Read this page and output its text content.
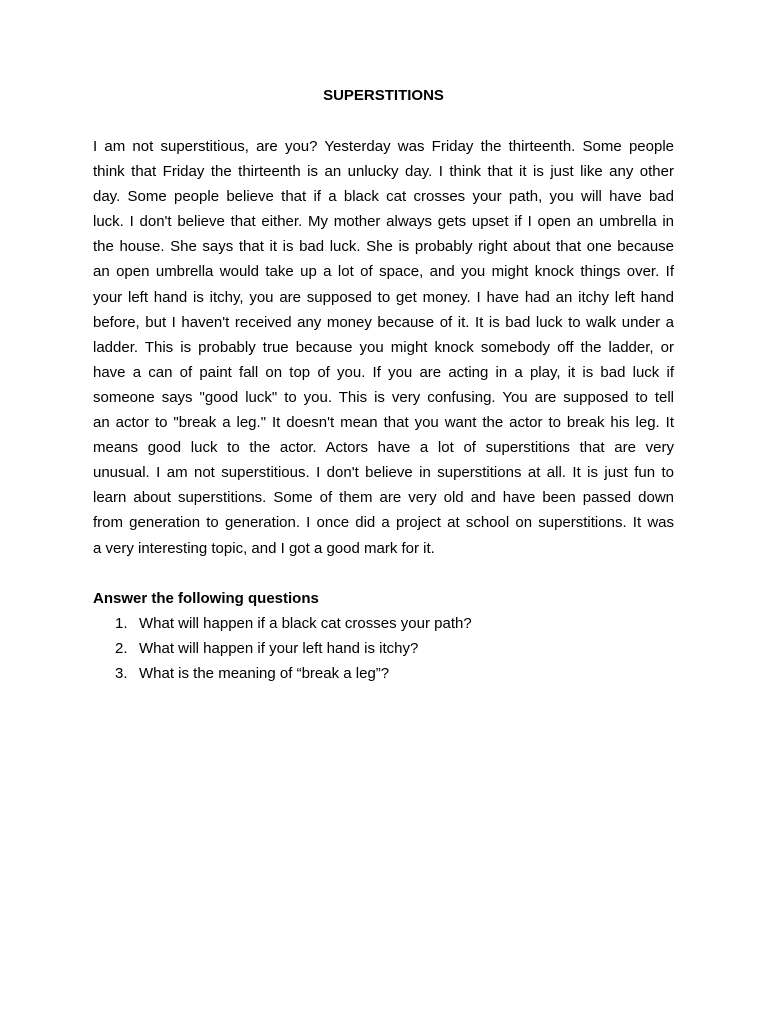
SUPERSTITIONS
I am not superstitious, are you? Yesterday was Friday the thirteenth. Some people
think that Friday the thirteenth is an unlucky day. I think that it is just like any other
day. Some people believe that if a black cat crosses your path, you will have bad
luck. I don't believe that either. My mother always gets upset if I open an umbrella in
the house. She says that it is bad luck. She is probably right about that one because
an open umbrella would take up a lot of space, and you might knock things over. If
your left hand is itchy, you are supposed to get money. I have had an itchy left hand
before, but I haven't received any money because of it. It is bad luck to walk under a
ladder. This is probably true because you might knock somebody off the ladder, or
have a can of paint fall on top of you. If you are acting in a play, it is bad luck if
someone says "good luck" to you. This is very confusing. You are supposed to tell
an actor to "break a leg." It doesn't mean that you want the actor to break his leg. It
means good luck to the actor. Actors have a lot of superstitions that are very
unusual. I am not superstitious. I don't believe in superstitions at all. It is just fun to
learn about superstitions. Some of them are very old and have been passed down
from generation to generation. I once did a project at school on superstitions. It was
a very interesting topic, and I got a good mark for it.
Answer the following questions
1. What will happen if a black cat crosses your path?
2. What will happen if your left hand is itchy?
3. What is the meaning of “break a leg”?
